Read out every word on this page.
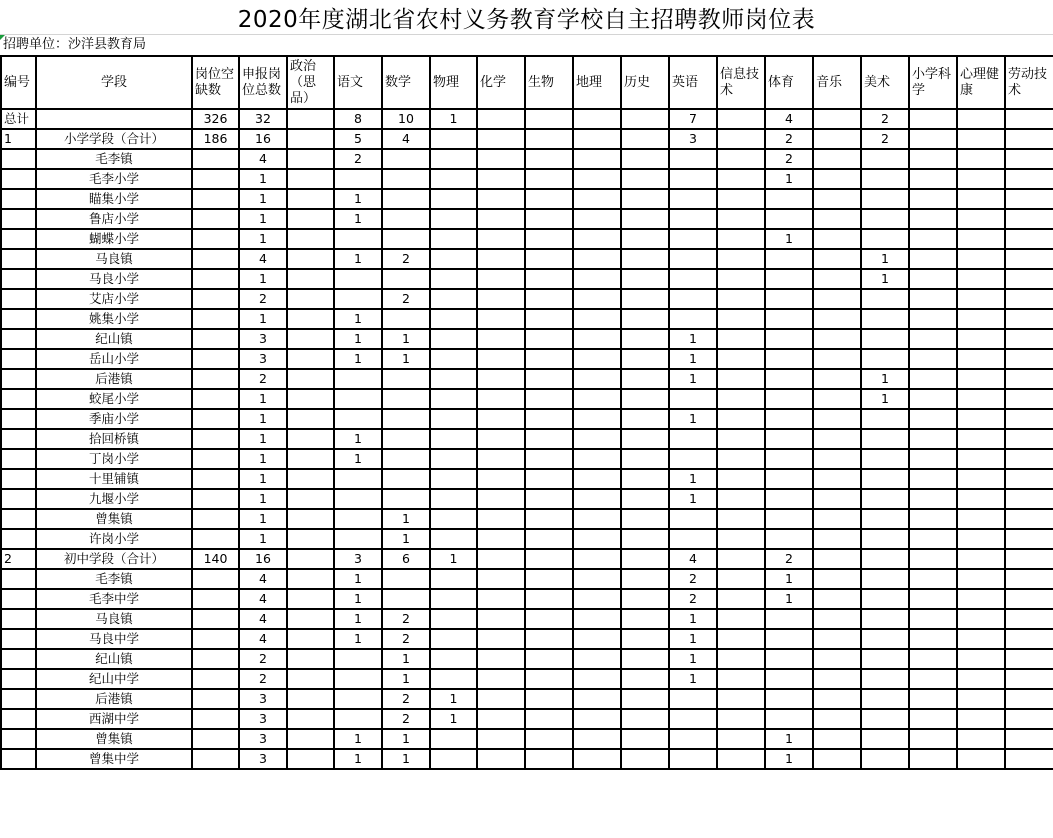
2020年度湖北省农村义务教育学校自主招聘教师岗位表
招聘单位：沙洋县教育局
编号	学段	岗位空缺数	申报岗位总数	政治（思品）	语文	数学	物理	化学	生物	地理	历史	英语	信息技术	体育	音乐	美术	小学科学	心理健康	劳动技术
总计		326	32		8	10	1					7		4		2			
1	小学学段（合计）	186	16		5	4						3		2		2			
	毛李镇		4		2									2					
	毛李小学		1											1					
	瞄集小学		1		1														
	鲁店小学		1		1														
	蝴蝶小学		1											1					
	马良镇		4		1	2										1			
	马良小学		1													1			
	艾店小学		2			2													
	姚集小学		1		1														
	纪山镇		3		1	1						1							
	岳山小学		3		1	1						1							
	后港镇		2									1				1			
	蛟尾小学		1													1			
	季庙小学		1									1							
	拾回桥镇		1		1														
	丁岗小学		1		1														
	十里铺镇		1									1							
	九堰小学		1									1							
	曾集镇		1			1													
	许岗小学		1			1													
2	初中学段（合计）	140	16		3	6	1					4		2					
	毛李镇		4		1							2		1					
	毛李中学		4		1							2		1					
	马良镇		4		1	2						1							
	马良中学		4		1	2						1							
	纪山镇		2			1						1							
	纪山中学		2			1						1							
	后港镇		3			2	1												
	西湖中学		3			2	1												
	曾集镇		3		1	1								1					
	曾集中学		3		1	1								1					
